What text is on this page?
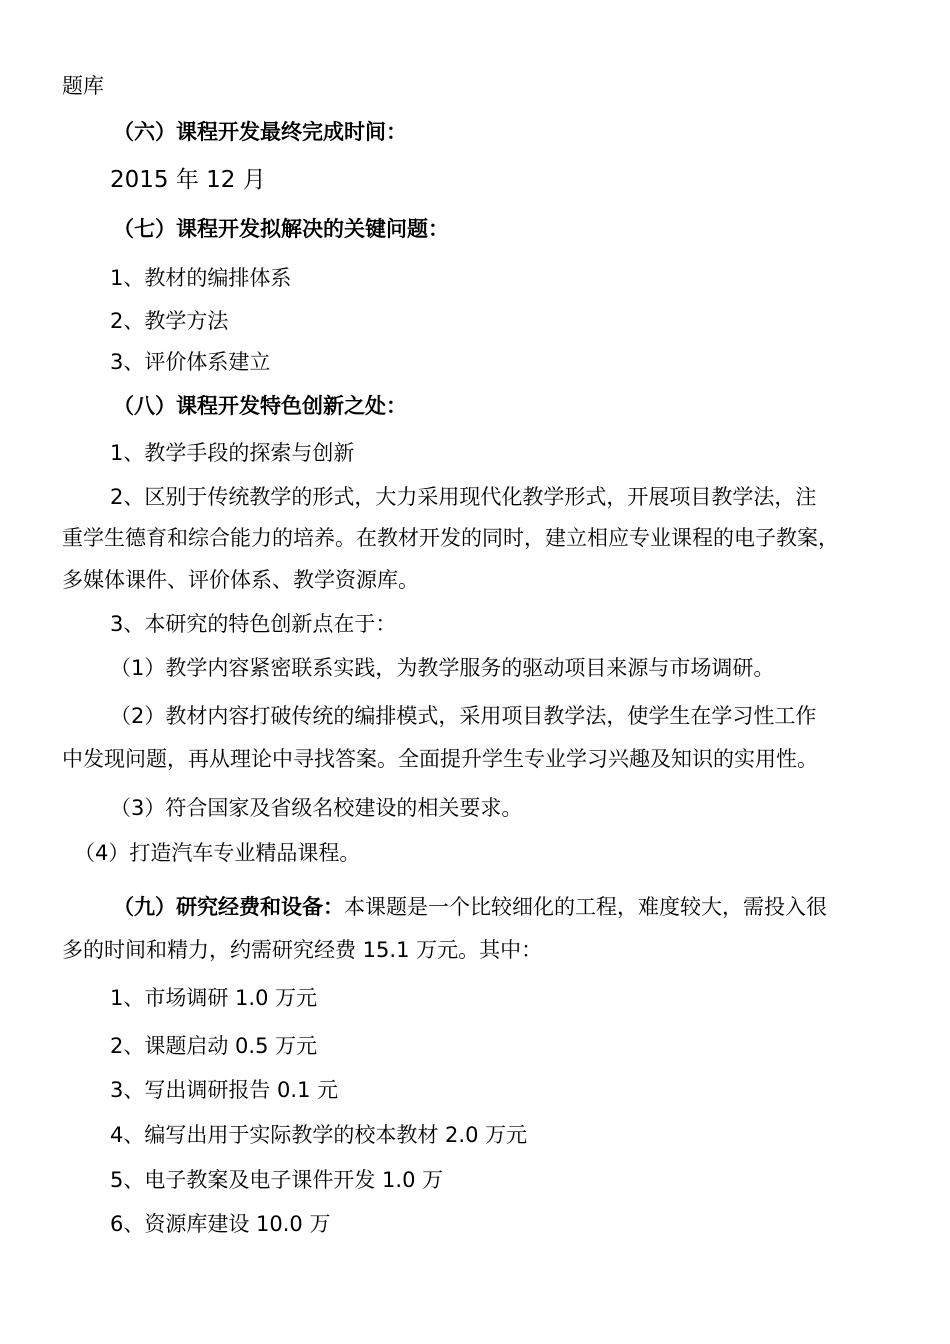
题库
（六）课程开发最终完成时间：
2015 年 12 月
（七）课程开发拟解决的关键问题：
1、教材的编排体系
2、教学方法
3、评价体系建立
（八）课程开发特色创新之处：
1、教学手段的探索与创新
2、区别于传统教学的形式，大力采用现代化教学形式，开展项目教学法，注
重学生德育和综合能力的培养。在教材开发的同时，建立相应专业课程的电子教案，
多媒体课件、评价体系、教学资源库。
3、本研究的特色创新点在于：
（1）教学内容紧密联系实践，为教学服务的驱动项目来源与市场调研。
（2）教材内容打破传统的编排模式，采用项目教学法，使学生在学习性工作
中发现问题，再从理论中寻找答案。全面提升学生专业学习兴趣及知识的实用性。
（3）符合国家及省级名校建设的相关要求。
（4）打造汽车专业精品课程。
（九）研究经费和设备：本课题是一个比较细化的工程，难度较大，需投入很
多的时间和精力，约需研究经费 15.1 万元。其中：
1、市场调研 1.0 万元
2、课题启动 0.5 万元
3、写出调研报告 0.1 元
4、编写出用于实际教学的校本教材 2.0 万元
5、电子教案及电子课件开发 1.0 万
6、资源库建设 10.0 万
